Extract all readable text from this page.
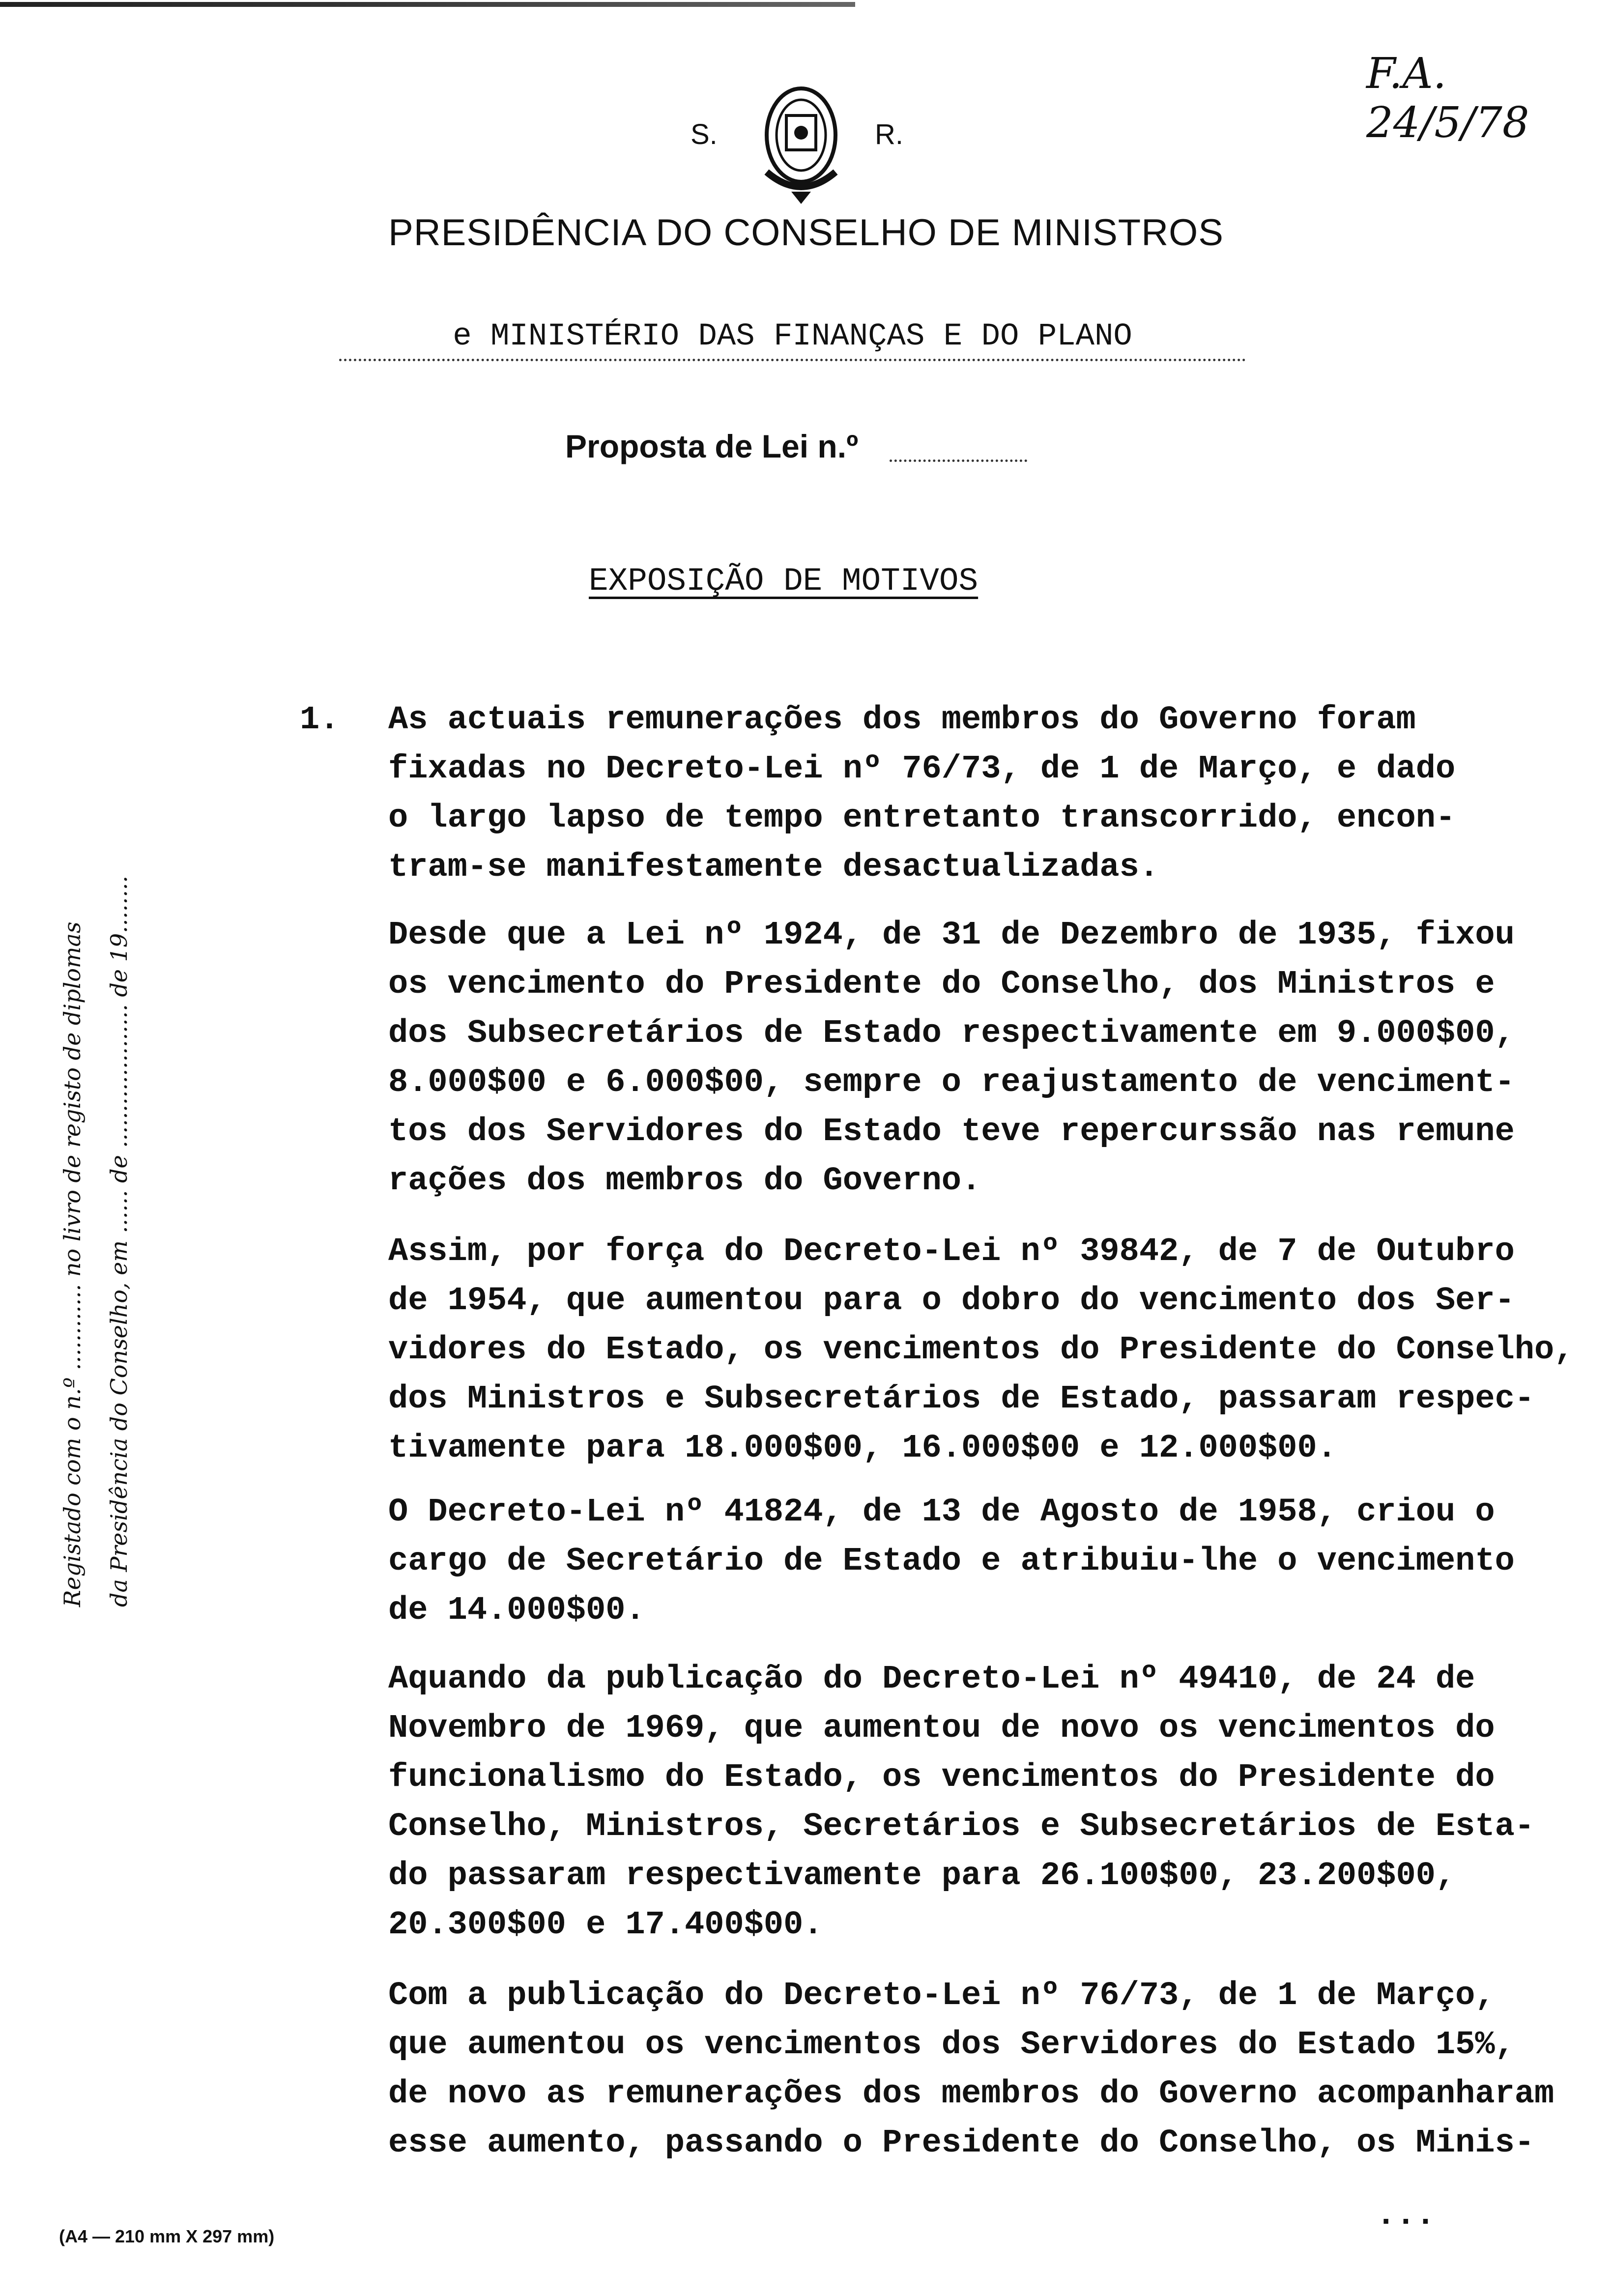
F.A. 24/5/78
S.	R.
PRESIDÊNCIA DO CONSELHO DE MINISTROS
e MINISTÉRIO DAS FINANÇAS E DO PLANO
Proposta de Lei n.º
EXPOSIÇÃO DE MOTIVOS
Registado com o n.º ............ no livro de registo de diplomas da Presidência do Conselho, em ...... de .................... de 19........
1. As actuais remunerações dos membros do Governo foram
fixadas no Decreto-Lei nº 76/73, de 1 de Março, e dado
o largo lapso de tempo entretanto transcorrido, encon-
tram-se manifestamente desactualizadas.
Desde que a Lei nº 1924, de 31 de Dezembro de 1935, fixou
os vencimento do Presidente do Conselho, dos Ministros e
dos Subsecretários de Estado respectivamente em 9.000$00,
8.000$00 e 6.000$00, sempre o reajustamento de venciment-
tos dos Servidores do Estado teve repercurssão nas remune
rações dos membros do Governo.
Assim, por força do Decreto-Lei nº 39842, de 7 de Outubro
de 1954, que aumentou para o dobro do vencimento dos Ser-
vidores do Estado, os vencimentos do Presidente do Conselho,
dos Ministros e Subsecretários de Estado, passaram respec-
tivamente para 18.000$00, 16.000$00 e 12.000$00.
O Decreto-Lei nº 41824, de 13 de Agosto de 1958, criou o
cargo de Secretário de Estado e atribuiu-lhe o vencimento
de 14.000$00.
Aquando da publicação do Decreto-Lei nº 49410, de 24 de
Novembro de 1969, que aumentou de novo os vencimentos do
funcionalismo do Estado, os vencimentos do Presidente do
Conselho, Ministros, Secretários e Subsecretários de Esta-
do passaram respectivamente para 26.100$00, 23.200$00,
20.300$00 e 17.400$00.
Com a publicação do Decreto-Lei nº 76/73, de 1 de Março,
que aumentou os vencimentos dos Servidores do Estado 15%,
de novo as remunerações dos membros do Governo acompanharam
esse aumento, passando o Presidente do Conselho, os Minis-
...
(A4 — 210 mm X 297 mm)
